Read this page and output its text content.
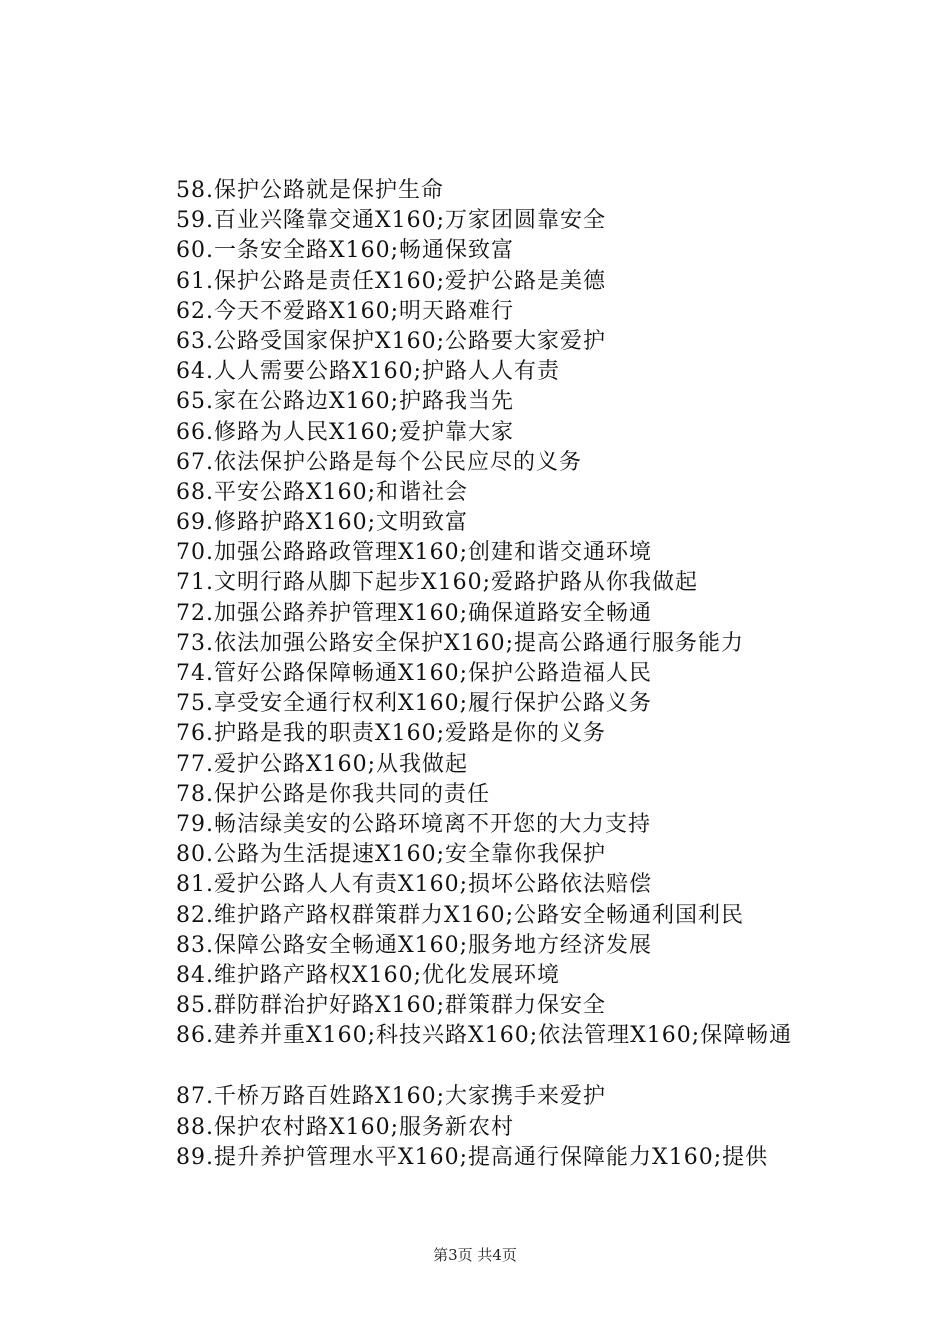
58.保护公路就是保护生命
59.百业兴隆靠交通X160;万家团圆靠安全
60.一条安全路X160;畅通保致富
61.保护公路是责任X160;爱护公路是美德
62.今天不爱路X160;明天路难行
63.公路受国家保护X160;公路要大家爱护
64.人人需要公路X160;护路人人有责
65.家在公路边X160;护路我当先
66.修路为人民X160;爱护靠大家
67.依法保护公路是每个公民应尽的义务
68.平安公路X160;和谐社会
69.修路护路X160;文明致富
70.加强公路路政管理X160;创建和谐交通环境
71.文明行路从脚下起步X160;爱路护路从你我做起
72.加强公路养护管理X160;确保道路安全畅通
73.依法加强公路安全保护X160;提高公路通行服务能力
74.管好公路保障畅通X160;保护公路造福人民
75.享受安全通行权利X160;履行保护公路义务
76.护路是我的职责X160;爱路是你的义务
77.爱护公路X160;从我做起
78.保护公路是你我共同的责任
79.畅洁绿美安的公路环境离不开您的大力支持
80.公路为生活提速X160;安全靠你我保护
81.爱护公路人人有责X160;损坏公路依法赔偿
82.维护路产路权群策群力X160;公路安全畅通利国利民
83.保障公路安全畅通X160;服务地方经济发展
84.维护路产路权X160;优化发展环境
85.群防群治护好路X160;群策群力保安全
86.建养并重X160;科技兴路X160;依法管理X160;保障畅通
87.千桥万路百姓路X160;大家携手来爱护
88.保护农村路X160;服务新农村
89.提升养护管理水平X160;提高通行保障能力X160;提供
第3页 共4页
